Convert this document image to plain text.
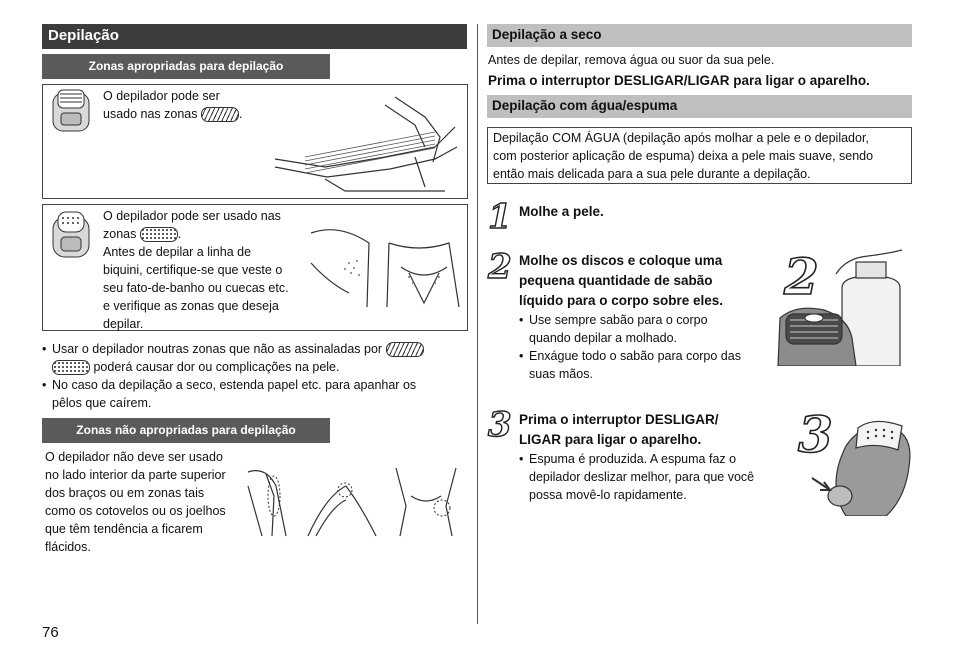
Depilação
Zonas apropriadas para depilação
O depilador pode ser
usado nas zonas	.
O depilador pode ser usado nas
zonas	.
Antes de depilar a linha de
biquini, certifique-se que veste o
seu fato-de-banho ou cuecas etc.
e verifique as zonas que deseja
depilar.
• Usar o depilador noutras zonas que não as assinaladas por
poderá causar dor ou complicações na pele.
• No caso da depilação a seco, estenda papel etc. para apanhar os
pêlos que caírem.
Zonas não apropriadas para depilação
O depilador não deve ser usado
no lado interior da parte superior
dos braços ou em zonas tais
como os cotovelos ou os joelhos
que têm tendência a ficarem
flácidos.
76
Depilação a seco
Antes de depilar, remova água ou suor da sua pele.
Prima o interruptor DESLIGAR/LIGAR para ligar o aparelho.
Depilação com água/espuma
Depilação COM ÁGUA (depilação após molhar a pele e o depilador,
com posterior aplicação de espuma) deixa a pele mais suave, sendo
então mais delicada para a sua pele durante a depilação.
1 Molhe a pele.
2 Molhe os discos e coloque uma
pequena quantidade de sabão
líquido para o corpo sobre eles.
• Use sempre sabão para o corpo
quando depilar a molhado.
• Enxágue todo o sabão para corpo das
suas mãos.
2
3 Prima o interruptor DESLIGAR/
LIGAR para ligar o aparelho.
• Espuma é produzida. A espuma faz o
depilador deslizar melhor, para que você
possa movê-lo rapidamente.
3
